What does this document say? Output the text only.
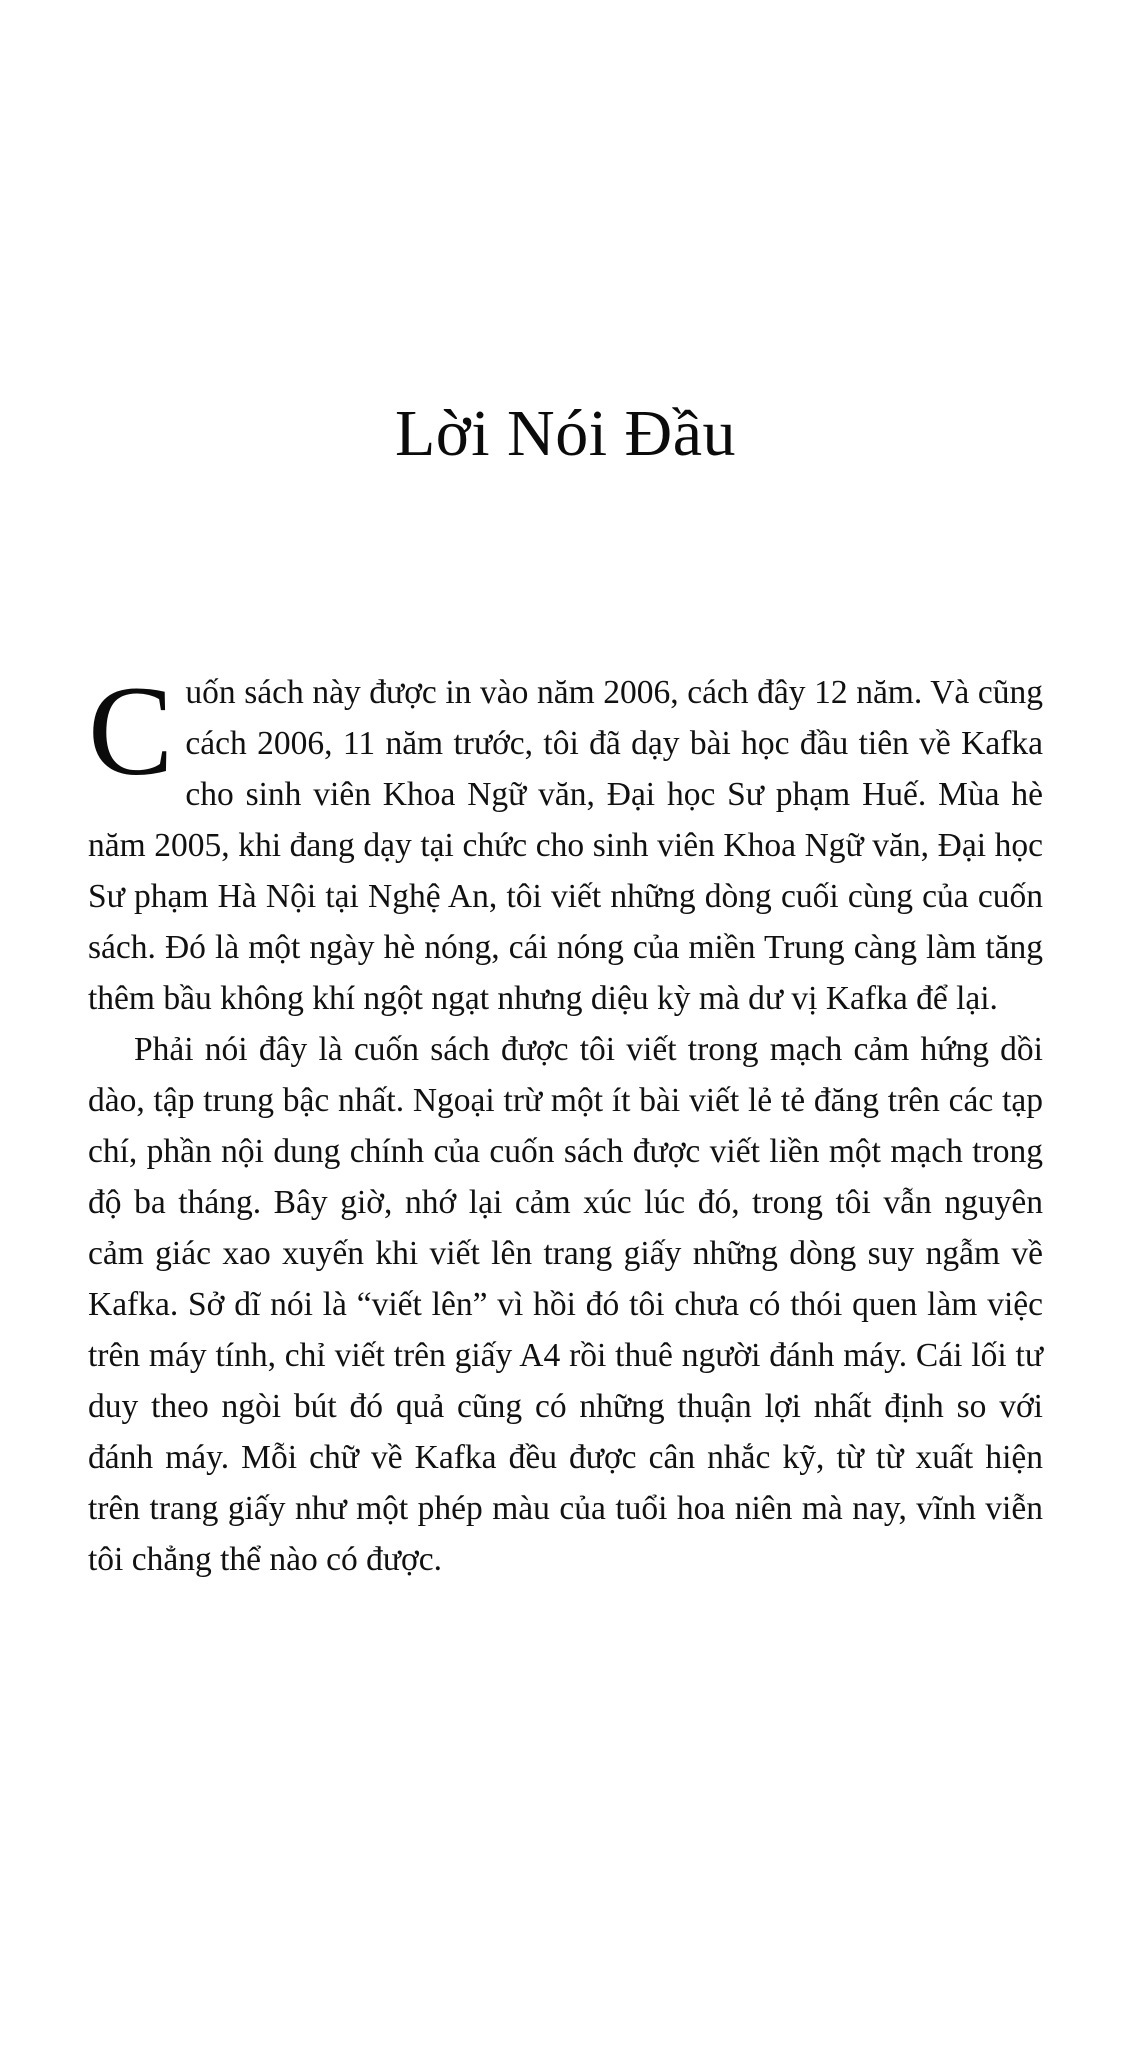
Lời Nói Đầu

Cuốn sách này được in vào năm 2006, cách đây 12 năm. Và cũng cách 2006, 11 năm trước, tôi đã dạy bài học đầu tiên về Kafka cho sinh viên Khoa Ngữ văn, Đại học Sư phạm Huế. Mùa hè năm 2005, khi đang dạy tại chức cho sinh viên Khoa Ngữ văn, Đại học Sư phạm Hà Nội tại Nghệ An, tôi viết những dòng cuối cùng của cuốn sách. Đó là một ngày hè nóng, cái nóng của miền Trung càng làm tăng thêm bầu không khí ngột ngạt nhưng diệu kỳ mà dư vị Kafka để lại.

Phải nói đây là cuốn sách được tôi viết trong mạch cảm hứng dồi dào, tập trung bậc nhất. Ngoại trừ một ít bài viết lẻ tẻ đăng trên các tạp chí, phần nội dung chính của cuốn sách được viết liền một mạch trong độ ba tháng. Bây giờ, nhớ lại cảm xúc lúc đó, trong tôi vẫn nguyên cảm giác xao xuyến khi viết lên trang giấy những dòng suy ngẫm về Kafka. Sở dĩ nói là “viết lên” vì hồi đó tôi chưa có thói quen làm việc trên máy tính, chỉ viết trên giấy A4 rồi thuê người đánh máy. Cái lối tư duy theo ngòi bút đó quả cũng có những thuận lợi nhất định so với đánh máy. Mỗi chữ về Kafka đều được cân nhắc kỹ, từ từ xuất hiện trên trang giấy như một phép màu của tuổi hoa niên mà nay, vĩnh viễn tôi chẳng thể nào có được.
